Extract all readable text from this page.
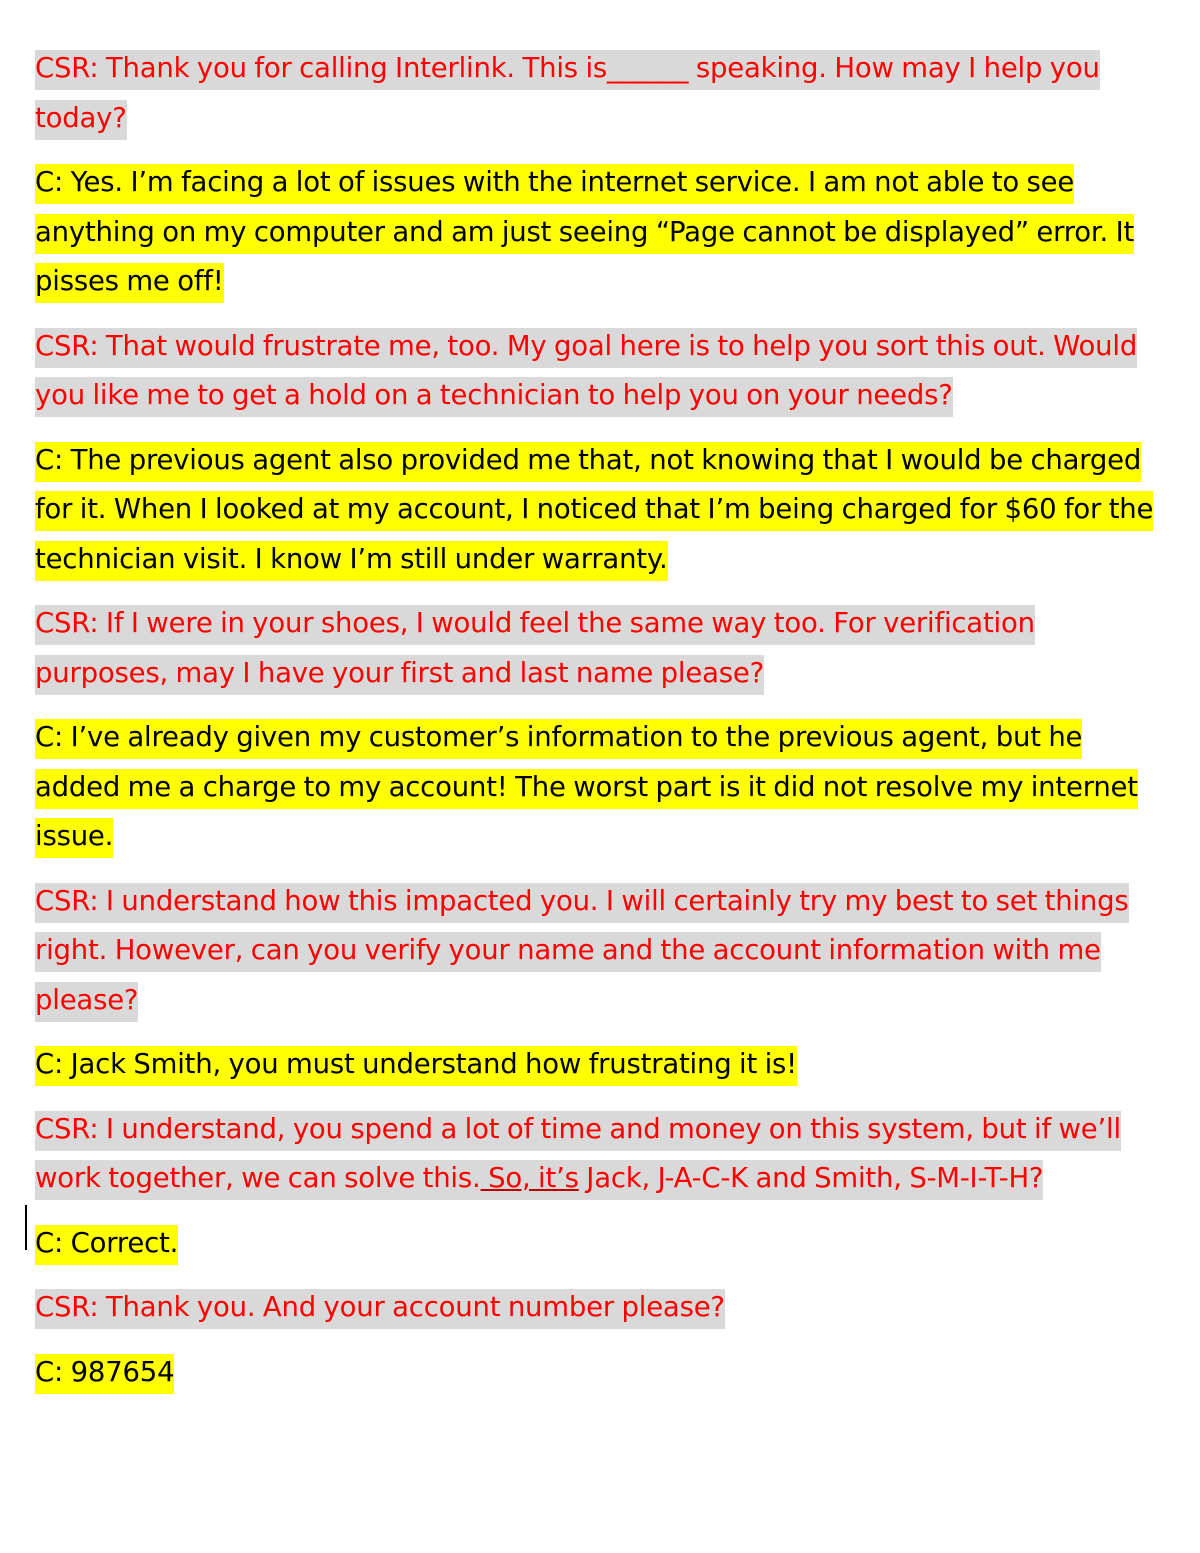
CSR: Thank you for calling Interlink. This is______ speaking. How may I help you today?

C: Yes. I’m facing a lot of issues with the internet service. I am not able to see anything on my computer and am just seeing “Page cannot be displayed” error. It pisses me off!

CSR: That would frustrate me, too. My goal here is to help you sort this out. Would you like me to get a hold on a technician to help you on your needs?

C: The previous agent also provided me that, not knowing that I would be charged for it. When I looked at my account, I noticed that I’m being charged for $60 for the technician visit. I know I’m still under warranty.

CSR: If I were in your shoes, I would feel the same way too. For verification purposes, may I have your first and last name please?

C: I’ve already given my customer’s information to the previous agent, but he added me a charge to my account! The worst part is it did not resolve my internet issue.

CSR: I understand how this impacted you. I will certainly try my best to set things right. However, can you verify your name and the account information with me please?

C: Jack Smith, you must understand how frustrating it is!

CSR: I understand, you spend a lot of time and money on this system, but if we’ll work together, we can solve this. So, it’s Jack, J-A-C-K and Smith, S-M-I-T-H?

C: Correct.

CSR: Thank you. And your account number please?

C: 987654
